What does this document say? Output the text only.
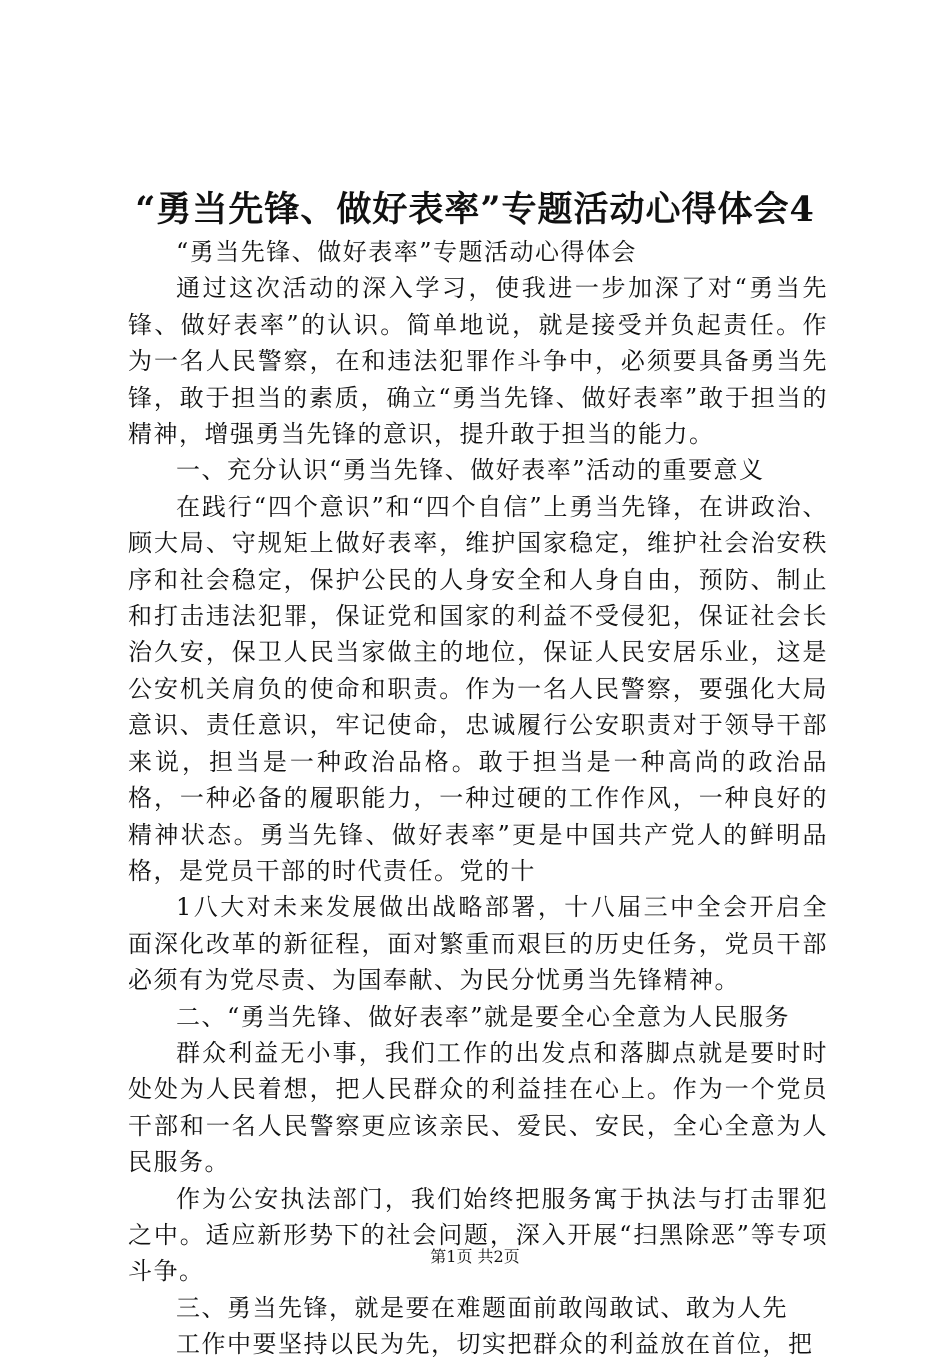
“勇当先锋、做好表率”专题活动心得体会4

“勇当先锋、做好表率”专题活动心得体会

通过这次活动的深入学习，使我进一步加深了对“勇当先锋、做好表率”的认识。简单地说，就是接受并负起责任。作为一名人民警察，在和违法犯罪作斗争中，必须要具备勇当先锋，敢于担当的素质，确立“勇当先锋、做好表率”敢于担当的精神，增强勇当先锋的意识，提升敢于担当的能力。

一、充分认识“勇当先锋、做好表率”活动的重要意义

在践行“四个意识”和“四个自信”上勇当先锋，在讲政治、顾大局、守规矩上做好表率，维护国家稳定，维护社会治安秩序和社会稳定，保护公民的人身安全和人身自由，预防、制止和打击违法犯罪，保证党和国家的利益不受侵犯，保证社会长治久安，保卫人民当家做主的地位，保证人民安居乐业，这是公安机关肩负的使命和职责。作为一名人民警察，要强化大局意识、责任意识，牢记使命，忠诚履行公安职责对于领导干部来说，担当是一种政治品格。敢于担当是一种高尚的政治品格，一种必备的履职能力，一种过硬的工作作风，一种良好的精神状态。勇当先锋、做好表率”更是中国共产党人的鲜明品格，是党员干部的时代责任。党的十

1八大对未来发展做出战略部署，十八届三中全会开启全面深化改革的新征程，面对繁重而艰巨的历史任务，党员干部必须有为党尽责、为国奉献、为民分忧勇当先锋精神。

二、“勇当先锋、做好表率”就是要全心全意为人民服务

群众利益无小事，我们工作的出发点和落脚点就是要时时处处为人民着想，把人民群众的利益挂在心上。作为一个党员干部和一名人民警察更应该亲民、爱民、安民，全心全意为人民服务。

作为公安执法部门，我们始终把服务寓于执法与打击罪犯之中。适应新形势下的社会问题，深入开展“扫黑除恶”等专项斗争。

三、勇当先锋，就是要在难题面前敢闯敢试、敢为人先

工作中要坚持以民为先，切实把群众的利益放在首位，把

第1页 共2页
